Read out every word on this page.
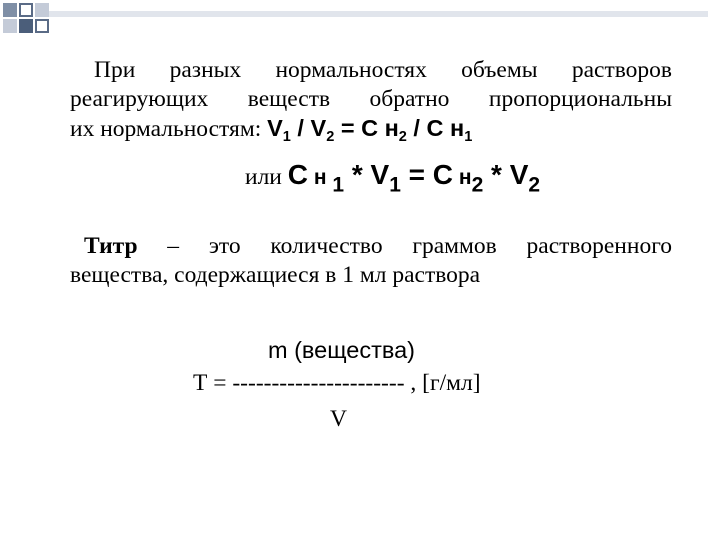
При разных нормальностях объемы растворов
реагирующих веществ обратно пропорциональны
их нормальностям: $V_1 / V_2 = С$ $н_2$ / С $н_1$
или С н $_1 * V_1 = С$ $н_2 * V_2$
Титр – это количество граммов растворенного
вещества, содержащиеся в 1 мл раствора
m (вещества)
Т = ---------------------- , [г/мл]
V
